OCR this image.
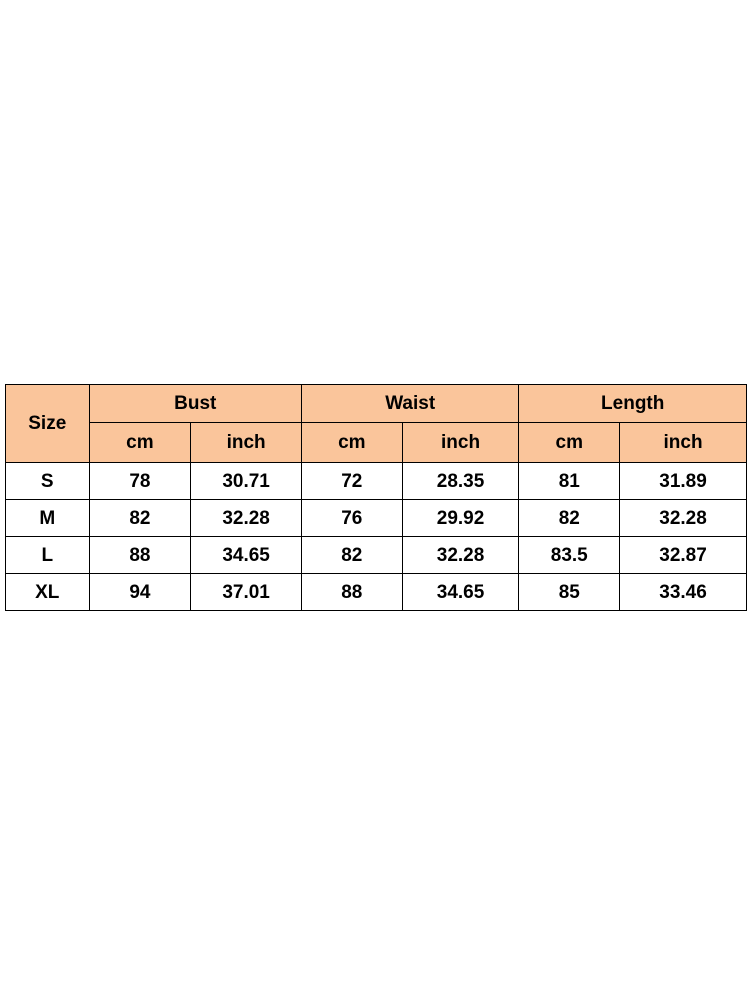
Size	Bust		Waist		Length	
	cm	inch	cm	inch	cm	inch
S	78	30.71	72	28.35	81	31.89
M	82	32.28	76	29.92	82	32.28
L	88	34.65	82	32.28	83.5	32.87
XL	94	37.01	88	34.65	85	33.46
